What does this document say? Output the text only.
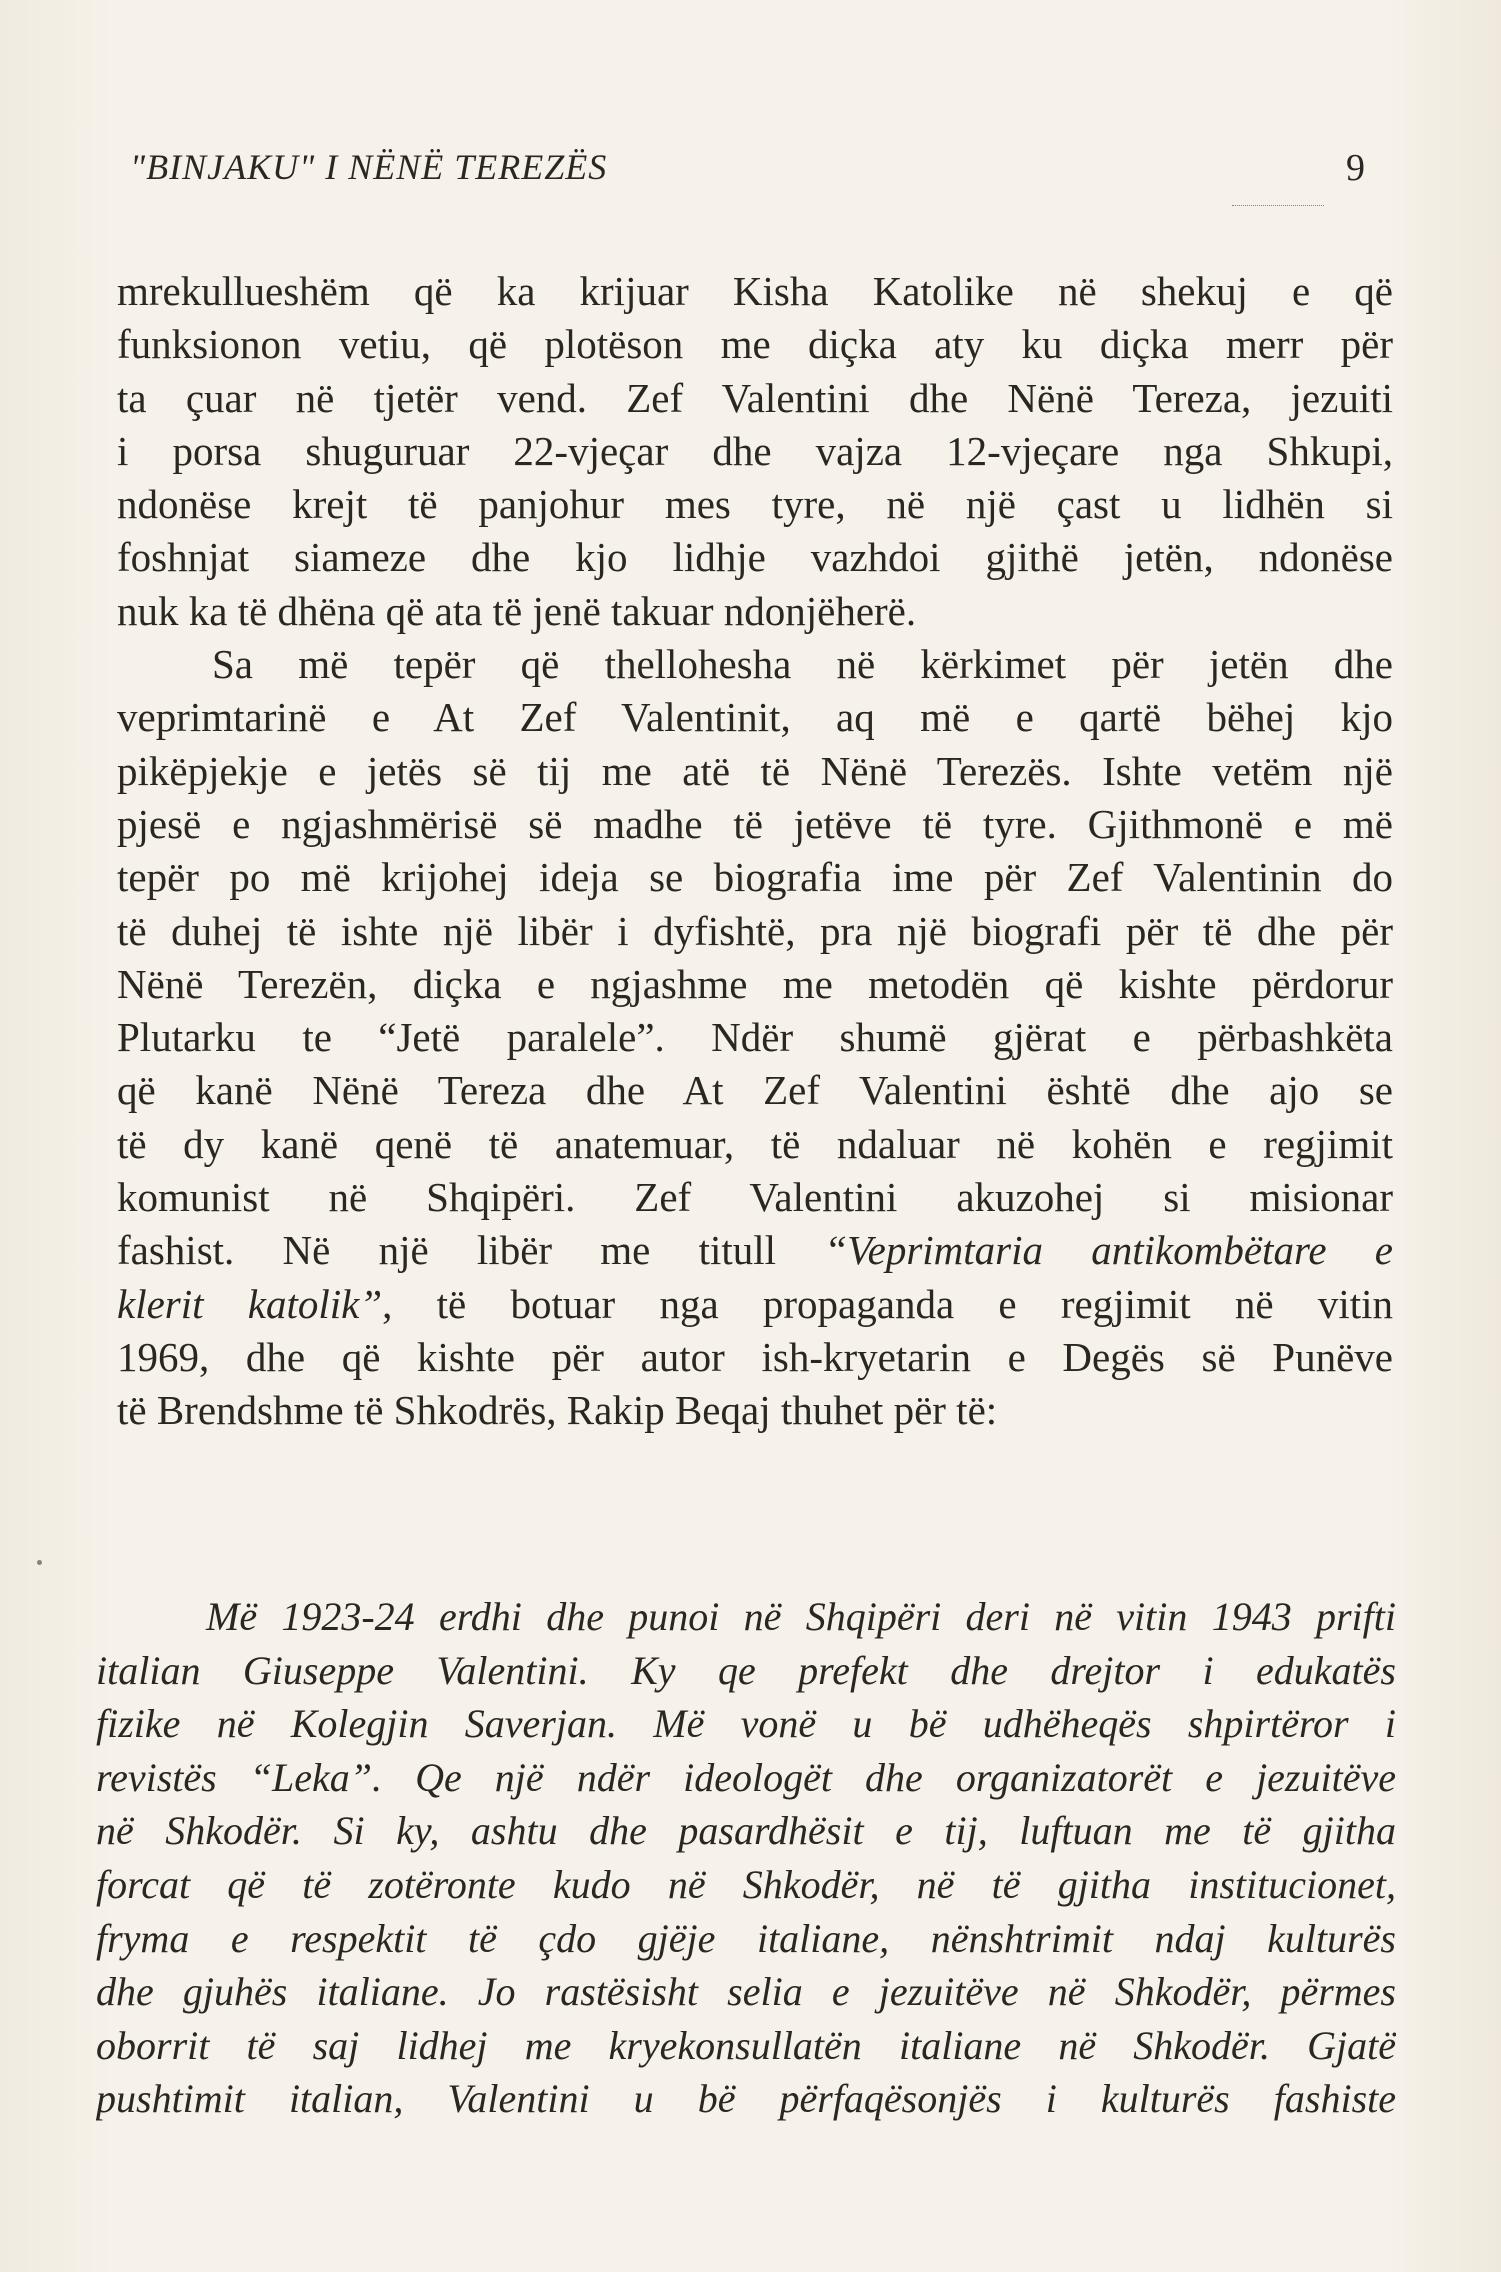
"BINJAKU" I NËNË TEREZËS	9
mrekullueshëm që ka krijuar Kisha Katolike në shekuj e që
funksionon vetiu, që plotëson me diçka aty ku diçka merr për
ta çuar në tjetër vend. Zef Valentini dhe Nënë Tereza, jezuiti
i porsa shuguruar 22-vjeçar dhe vajza 12-vjeçare nga Shkupi,
ndonëse krejt të panjohur mes tyre, në një çast u lidhën si
foshnjat siameze dhe kjo lidhje vazhdoi gjithë jetën, ndonëse
nuk ka të dhëna që ata të jenë takuar ndonjëherë.
Sa më tepër që thellohesha në kërkimet për jetën dhe
veprimtarinë e At Zef Valentinit, aq më e qartë bëhej kjo
pikëpjekje e jetës së tij me atë të Nënë Terezës. Ishte vetëm një
pjesë e ngjashmërisë së madhe të jetëve të tyre. Gjithmonë e më
tepër po më krijohej ideja se biografia ime për Zef Valentinin do
të duhej të ishte një libër i dyfishtë, pra një biografi për të dhe për
Nënë Terezën, diçka e ngjashme me metodën që kishte përdorur
Plutarku te “Jetë paralele”. Ndër shumë gjërat e përbashkëta
që kanë Nënë Tereza dhe At Zef Valentini është dhe ajo se
të dy kanë qenë të anatemuar, të ndaluar në kohën e regjimit
komunist në Shqipëri. Zef Valentini akuzohej si misionar
fashist. Në një libër me titull “Veprimtaria antikombëtare e
klerit katolik”, të botuar nga propaganda e regjimit në vitin
1969, dhe që kishte për autor ish-kryetarin e Degës së Punëve
të Brendshme të Shkodrës, Rakip Beqaj thuhet për të:
Më 1923-24 erdhi dhe punoi në Shqipëri deri në vitin 1943 prifti
italian Giuseppe Valentini. Ky qe prefekt dhe drejtor i edukatës
fizike në Kolegjin Saverjan. Më vonë u bë udhëheqës shpirtëror i
revistës “Leka”. Qe një ndër ideologët dhe organizatorët e jezuitëve
në Shkodër. Si ky, ashtu dhe pasardhësit e tij, luftuan me të gjitha
forcat që të zotëronte kudo në Shkodër, në të gjitha institucionet,
fryma e respektit të çdo gjëje italiane, nënshtrimit ndaj kulturës
dhe gjuhës italiane. Jo rastësisht selia e jezuitëve në Shkodër, përmes
oborrit të saj lidhej me kryekonsullatën italiane në Shkodër. Gjatë
pushtimit italian, Valentini u bë përfaqësonjës i kulturës fashiste
